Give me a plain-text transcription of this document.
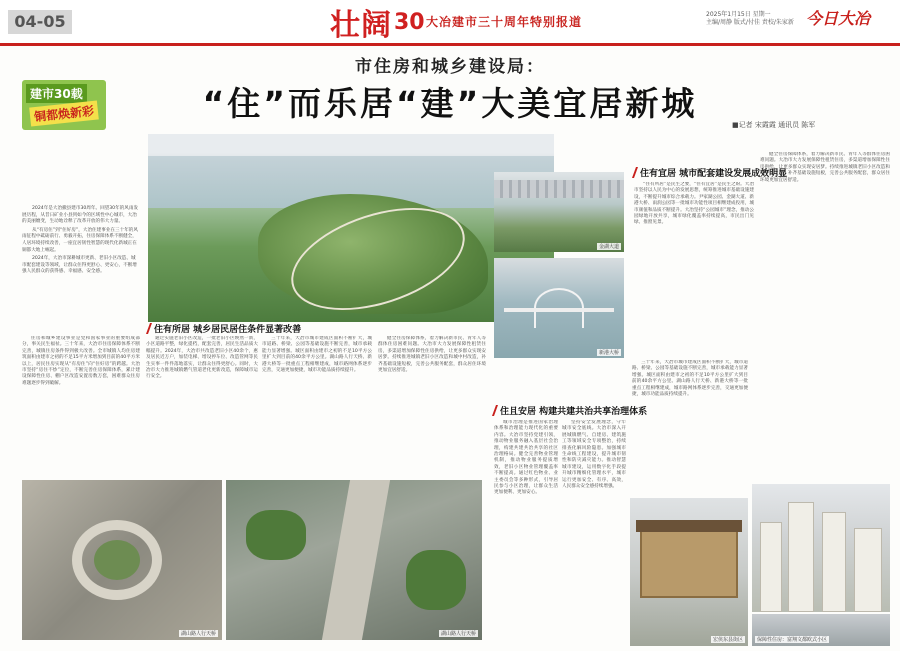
04-05	壮阔 30 大冶建市三十周年特别报道
2025年1月15日 星期一
主编/周静 版式/付佳 责校/朱家新 今日大冶
市住房和城乡建设局：
“住”而乐居“建”大美宜居新城
■记者 宋霞霞 通讯员 陈军
建市30载
铜都焕新彩

2024年是大冶撤县建市30周年。回望30年的风雨发展历程，从昔日矿业小县到如今的区域性中心城市，大冶的美丽嬗变，生动地诠释了改革开放的伟大力量。

从“有房住”到“住好房”，大冶住建事业在三十年的风雨征程中砥砺前行、勇毅开拓，住房保障体系不断健全，人居环境持续改善，一座宜居韧性智慧的现代化新城正在铜都大地上崛起。

2024年，大冶市深耕城市更新、老旧小区改造、城市配套建设等领域，让群众住得更舒心、更安心，不断增强人民群众的获得感、幸福感、安全感。

住有所居 城乡居民居住条件显著改善

住房和城乡建设事业是党和国家事业的重要组成部分，事关民生福祉。三十年来，大冶市住房保障体系不断完善，城镇住房条件得到极大改善。全市城镇人均住房建筑面积由建市之初的不足15平方米增加到目前的40平方米以上，居民住房实现从“有房住”向“住好房”的跨越。大冶市坚持“房住不炒”定位，不断完善住房保障体系，累计建设保障性住房、棚户区改造安置房数万套，困难群众住房难题逐步得到破解。

通过实施老旧小区改造，一批老旧小区焕然一新，小区道路平整，绿化提档，配套完善，居民生活品质大幅提升。2024年，大冶市共改造老旧小区40余个，惠及居民近万户，加装电梯、增设停车位、改造管网等民生实事一件件落地落实，让群众住得更舒心。同时，大冶市大力推进城镇燃气管道老化更新改造，保障城市运行安全。

三十年来，大冶市城市建成区面积不断扩大，城市道路、桥梁、公园等基础设施不断完善，城市承载能力显著增强。城区面积由建市之初的不足10平方公里扩大到目前的40余平方公里。湖山路人行天桥、新港大桥等一批重点工程相继建成，城市路网体系逐步完善，交通更加便捷，城市功能品质持续提升。

健全住房保障体系，着力解决新市民、青年人等群体住房困难问题。大冶市大力发展保障性租赁住房，多渠道增加保障性住房供给，让更多群众实现安居梦。持续推进城镇老旧小区改造和城中村改造，补齐基础设施短板，完善公共服务配套，群众居住环境更加宜居舒适。

湖山路人行天桥	湖山路人行天桥
金湖大道
新港大桥
住有宜居 城市配套建设发展成效明显

“住有所居”是民生之要，“住有宜居”是民生之盼。大冶市坚持以人民为中心的发展思想，统筹推进城市基础设施建设，不断提升城市综合承载力。尹家湖公园、金湖大道、新港大桥、雨润公园等一批城市功能性项目相继建成投用，城市颜值和品质不断提升。大冶坚持“公园城市”理念，推动公园绿地开放共享，城市绿化覆盖率持续提高，市民出门见绿、推窗见景。

健全住房保障体系，着力解决新市民、青年人等群体住房困难问题。大冶市大力发展保障性租赁住房，多渠道增加保障性住房供给，让更多群众实现安居梦。持续推进城镇老旧小区改造和城中村改造，补齐基础设施短板，完善公共服务配套，群众居住环境更加宜居舒适。

住且安居 构建共建共治共享治理体系

城市治理是推进国家治理体系和治理能力现代化的重要内容。大冶市坚持党建引领，推动物业服务融入基层社会治理，构建共建共治共享的社区治理格局。健全完善物业管理机制，推动物业服务提质增效，老旧小区物业管理覆盖率不断提高。通过红色物业、业主委员会等多种形式，引导居民参与小区治理，让群众生活更加便利、更加安心。

坚持安全发展理念，守牢城市安全底线。大冶市深入开展城镇燃气、自建房、建筑施工等领域安全专项整治，持续排查化解风险隐患。加强城市生命线工程建设，提升城市韧性和防灾减灾能力。推动智慧城市建设，运用数字化手段提升城市精细化管理水平，城市运行更加安全、有序、高效，人民群众安全感持续增强。

三十年来，大冶市城市建成区面积不断扩大，城市道路、桥梁、公园等基础设施不断完善，城市承载能力显著增强。城区面积由建市之初的不足10平方公里扩大到目前的40余平方公里。湖山路人行天桥、新港大桥等一批重点工程相继建成，城市路网体系逐步完善，交通更加便捷，城市功能品质持续提升。

宏侠东县街区	保障性住房：富翔文都欧式小区
